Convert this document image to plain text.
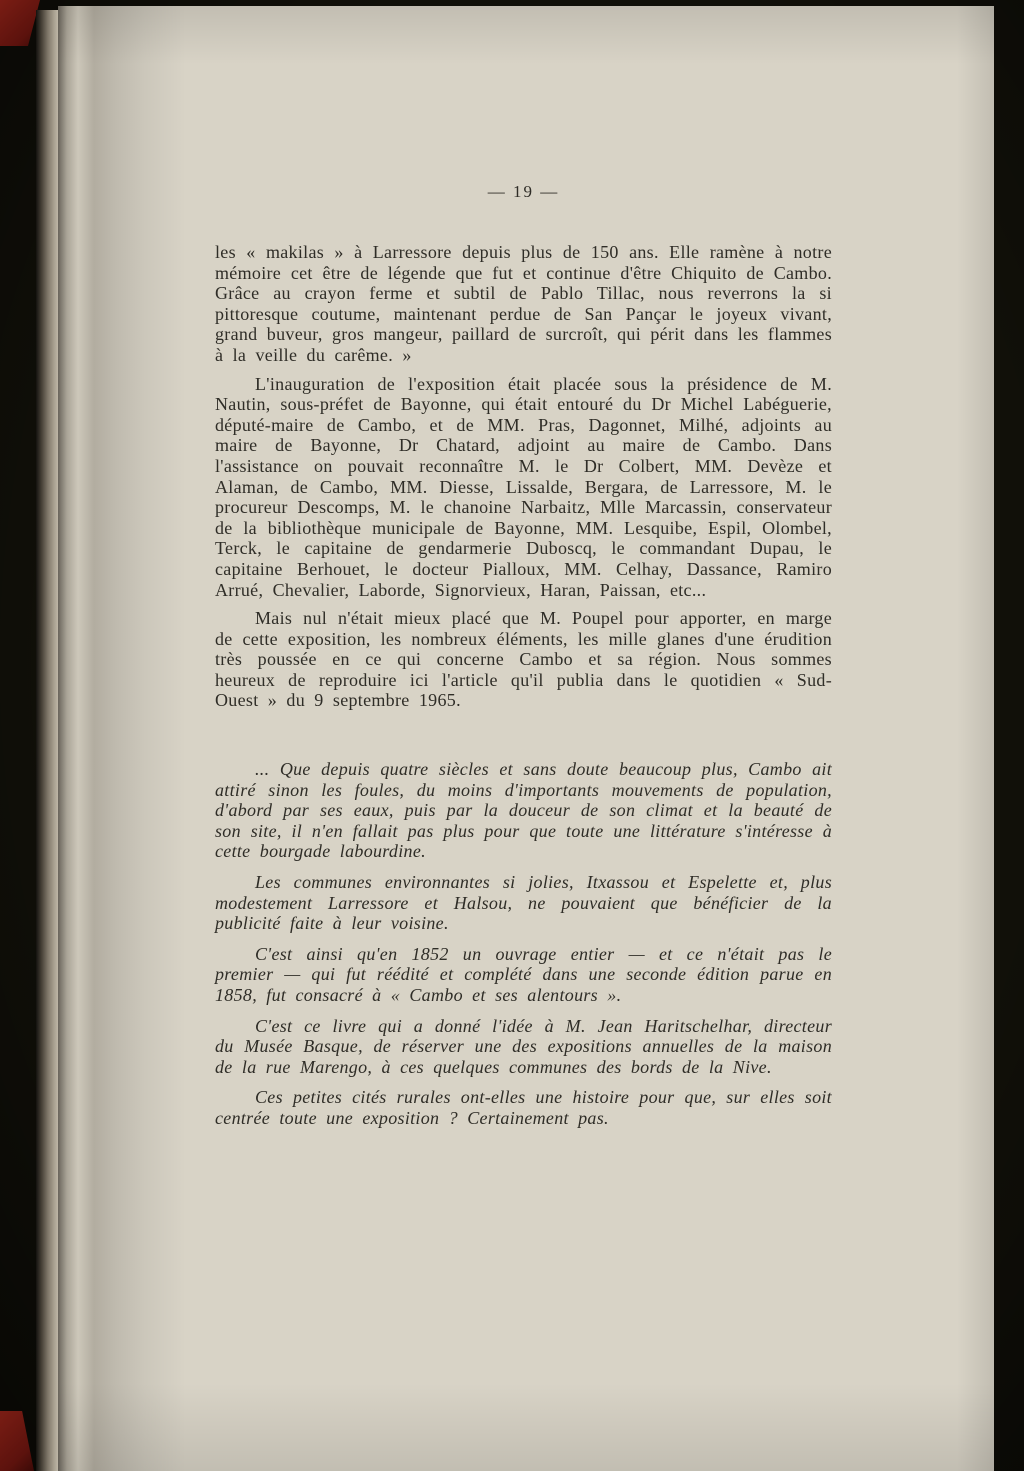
— 19 —

les « makilas » à Larressore depuis plus de 150 ans. Elle ramène à notre mémoire cet être de légende que fut et continue d'être Chiquito de Cambo. Grâce au crayon ferme et subtil de Pablo Tillac, nous reverrons la si pittoresque coutume, maintenant perdue de San Pançar le joyeux vivant, grand buveur, gros mangeur, paillard de surcroît, qui périt dans les flammes à la veille du carême. »

L'inauguration de l'exposition était placée sous la présidence de M. Nautin, sous-préfet de Bayonne, qui était entouré du Dr Michel Labéguerie, député-maire de Cambo, et de MM. Pras, Dagonnet, Milhé, adjoints au maire de Bayonne, Dr Chatard, adjoint au maire de Cambo. Dans l'assistance on pouvait reconnaître M. le Dr Colbert, MM. Devèze et Alaman, de Cambo, MM. Diesse, Lissalde, Bergara, de Larressore, M. le procureur Descomps, M. le chanoine Narbaitz, Mlle Marcassin, conservateur de la bibliothèque municipale de Bayonne, MM. Lesquibe, Espil, Olombel, Terck, le capitaine de gendarmerie Duboscq, le commandant Dupau, le capitaine Berhouet, le docteur Pialloux, MM. Celhay, Dassance, Ramiro Arrué, Chevalier, Laborde, Signorvieux, Haran, Paissan, etc...

Mais nul n'était mieux placé que M. Poupel pour apporter, en marge de cette exposition, les nombreux éléments, les mille glanes d'une érudition très poussée en ce qui concerne Cambo et sa région. Nous sommes heureux de reproduire ici l'article qu'il publia dans le quotidien « Sud-Ouest » du 9 septembre 1965.

... Que depuis quatre siècles et sans doute beaucoup plus, Cambo ait attiré sinon les foules, du moins d'importants mouvements de population, d'abord par ses eaux, puis par la douceur de son climat et la beauté de son site, il n'en fallait pas plus pour que toute une littérature s'intéresse à cette bourgade labourdine.

Les communes environnantes si jolies, Itxassou et Espelette et, plus modestement Larressore et Halsou, ne pouvaient que bénéficier de la publicité faite à leur voisine.

C'est ainsi qu'en 1852 un ouvrage entier — et ce n'était pas le premier — qui fut réédité et complété dans une seconde édition parue en 1858, fut consacré à « Cambo et ses alentours ».

C'est ce livre qui a donné l'idée à M. Jean Haritschelhar, directeur du Musée Basque, de réserver une des expositions annuelles de la maison de la rue Marengo, à ces quelques communes des bords de la Nive.

Ces petites cités rurales ont-elles une histoire pour que, sur elles soit centrée toute une exposition ? Certainement pas.
